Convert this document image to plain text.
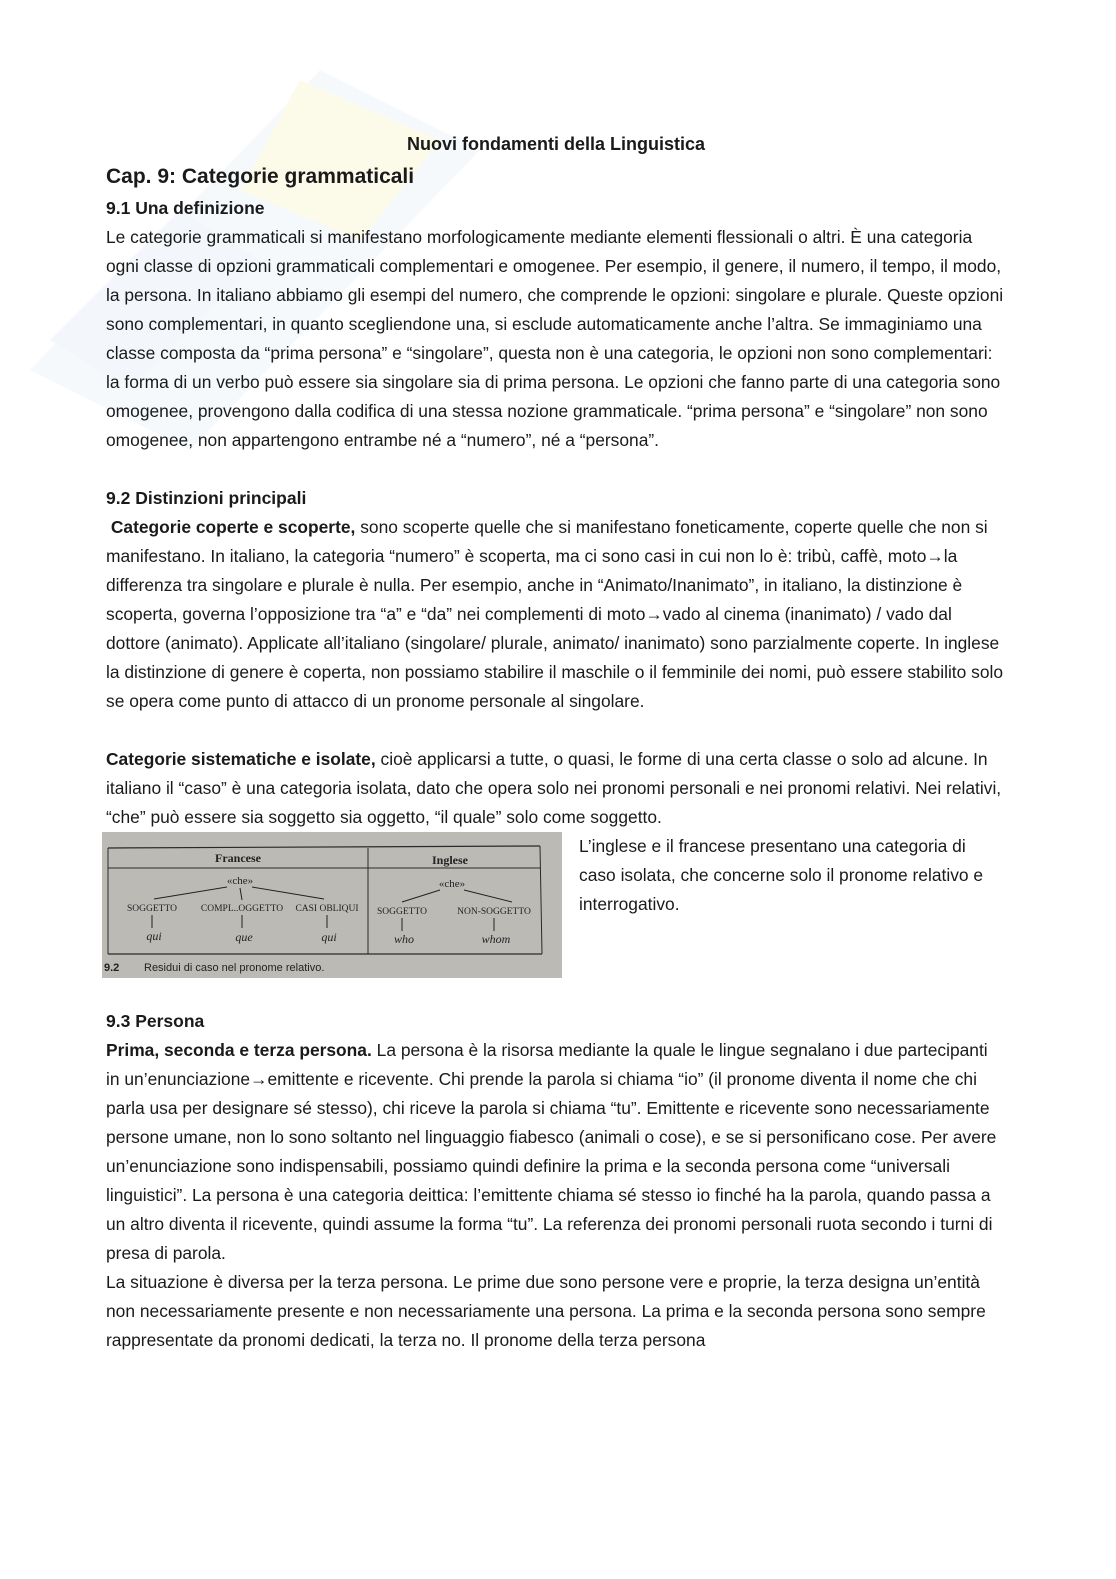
Nuovi fondamenti della Linguistica
Cap. 9: Categorie grammaticali
9.1 Una definizione

Le categorie grammaticali si manifestano morfologicamente mediante elementi flessionali o altri. È una categoria ogni classe di opzioni grammaticali complementari e omogenee. Per esempio, il genere, il numero, il tempo, il modo, la persona. In italiano abbiamo gli esempi del numero, che comprende le opzioni: singolare e plurale. Queste opzioni sono complementari, in quanto scegliendone una, si esclude automaticamente anche l’altra. Se immaginiamo una classe composta da “prima persona” e “singolare”, questa non è una categoria, le opzioni non sono complementari: la forma di un verbo può essere sia singolare sia di prima persona. Le opzioni che fanno parte di una categoria sono omogenee, provengono dalla codifica di una stessa nozione grammaticale. “prima persona” e “singolare” non sono omogenee, non appartengono entrambe né a “numero”, né a “persona”.

9.2 Distinzioni principali

Categorie coperte e scoperte, sono scoperte quelle che si manifestano foneticamente, coperte quelle che non si manifestano. In italiano, la categoria “numero” è scoperta, ma ci sono casi in cui non lo è: tribù, caffè, moto→la differenza tra singolare e plurale è nulla. Per esempio, anche in “Animato/Inanimato”, in italiano, la distinzione è scoperta, governa l’opposizione tra “a” e “da” nei complementi di moto→vado al cinema (inanimato) / vado dal dottore (animato). Applicate all’italiano (singolare/ plurale, animato/ inanimato) sono parzialmente coperte. In inglese la distinzione di genere è coperta, non possiamo stabilire il maschile o il femminile dei nomi, può essere stabilito solo se opera come punto di attacco di un pronome personale al singolare.

Categorie sistematiche e isolate, cioè applicarsi a tutte, o quasi, le forme di una certa classe o solo ad alcune. In italiano il “caso” è una categoria isolata, dato che opera solo nei pronomi personali e nei pronomi relativi. Nei relativi, “che” può essere sia soggetto sia oggetto, “il quale” solo come soggetto.

Francese	Inglese
«che»	«che»
SOGGETTO	COMPL..OGGETTO CASI OBLIQUI SOGGETTO	NON-SOGGETTO
qui	que	qui	who	whom
9.2 Residui di caso nel pronome relativo.

L’inglese e il francese presentano una categoria di caso isolata, che concerne solo il pronome relativo e interrogativo.

9.3 Persona

Prima, seconda e terza persona. La persona è la risorsa mediante la quale le lingue segnalano i due partecipanti in un’enunciazione→emittente e ricevente. Chi prende la parola si chiama “io” (il pronome diventa il nome che chi parla usa per designare sé stesso), chi riceve la parola si chiama “tu”. Emittente e ricevente sono necessariamente persone umane, non lo sono soltanto nel linguaggio fiabesco (animali o cose), e se si personificano cose. Per avere un’enunciazione sono indispensabili, possiamo quindi definire la prima e la seconda persona come “universali linguistici”. La persona è una categoria deittica: l’emittente chiama sé stesso io finché ha la parola, quando passa a un altro diventa il ricevente, quindi assume la forma “tu”. La referenza dei pronomi personali ruota secondo i turni di presa di parola.

La situazione è diversa per la terza persona. Le prime due sono persone vere e proprie, la terza designa un’entità non necessariamente presente e non necessariamente una persona. La prima e la seconda persona sono sempre rappresentate da pronomi dedicati, la terza no. Il pronome della terza persona
